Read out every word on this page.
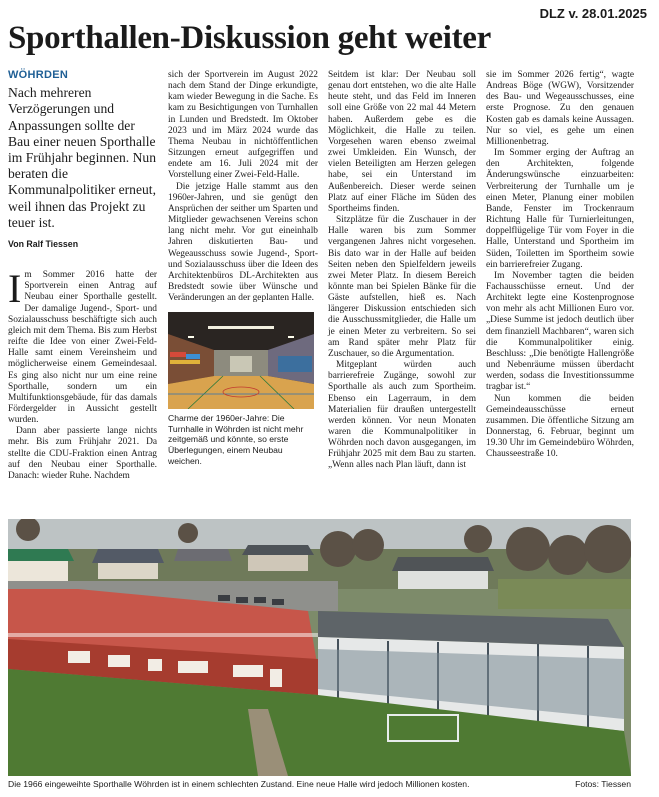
DLZ v. 28.01.2025
Sporthallen-Diskussion geht weiter
WÖHRDEN
Nach mehreren Verzögerungen und Anpassungen sollte der Bau einer neuen Sporthalle im Frühjahr beginnen. Nun beraten die Kommunalpolitiker erneut, weil ihnen das Projekt zu teuer ist.
Von Ralf Tiessen

Im Sommer 2016 hatte der Sportverein einen Antrag auf Neubau einer Sporthalle gestellt. Der damalige Jugend-, Sport- und Sozialausschuss beschäftigte sich auch gleich mit dem Thema. Bis zum Herbst reifte die Idee von einer Zwei-Feld-Halle samt einem Vereinsheim und möglicherweise einem Gemeindesaal. Es ging also nicht nur um eine reine Sporthalle, sondern um ein Multifunktionsgebäude, für das damals Fördergelder in Aussicht gestellt wurden.

Dann aber passierte lange nichts mehr. Bis zum Frühjahr 2021. Da stellte die CDU-Fraktion einen Antrag auf den Neubau einer Sporthalle. Danach: wieder Ruhe. Nachdem

sich der Sportverein im August 2022 nach dem Stand der Dinge erkundigte, kam wieder Bewegung in die Sache. Es kam zu Besichtigungen von Turnhallen in Lunden und Bredstedt. Im Oktober 2023 und im März 2024 wurde das Thema Neubau in nichtöffentlichen Sitzungen erneut aufgegriffen und endete am 16. Juli 2024 mit der Vorstellung einer Zwei-Feld-Halle.

Die jetzige Halle stammt aus den 1960er-Jahren, und sie genügt den Ansprüchen der seither um Sparten und Mitglieder gewachsenen Vereins schon lang nicht mehr. Vor gut eineinhalb Jahren diskutierten Bau- und Wegeausschuss sowie Jugend-, Sport- und Sozialausschuss über die Ideen des Architektenbüros DL-Architekten aus Bredstedt sowie über Wünsche und Veränderungen an der geplanten Halle.

Charme der 1960er-Jahre: Die Turnhalle in Wöhrden ist nicht mehr zeitgemäß und könnte, so erste Überlegungen, einem Neubau weichen.

Seitdem ist klar: Der Neubau soll genau dort entstehen, wo die alte Halle heute steht, und das Feld im Inneren soll eine Größe von 22 mal 44 Metern haben. Außerdem gebe es die Möglichkeit, die Halle zu teilen. Vorgesehen waren ebenso zweimal zwei Umkleiden. Ein Wunsch, der vielen Beteiligten am Herzen gelegen habe, sei ein Unterstand im Außenbereich. Dieser werde seinen Platz auf einer Fläche im Süden des Sportheims finden.

Sitzplätze für die Zuschauer in der Halle waren bis zum Sommer vergangenen Jahres nicht vorgesehen. Bis dato war in der Halle auf beiden Seiten neben den Spielfeldern jeweils zwei Meter Platz. In diesem Bereich könnte man bei Spielen Bänke für die Gäste aufstellen, hieß es. Nach längerer Diskussion entschieden sich die Ausschussmitglieder, die Halle um je einen Meter zu verbreitern. So sei am Rand später mehr Platz für Zuschauer, so die Argumentation.

Mitgeplant würden auch barrierefreie Zugänge, sowohl zur Sporthalle als auch zum Sportheim. Ebenso ein Lagerraum, in dem Materialien für draußen untergestellt werden können. Vor neun Monaten waren die Kommunalpolitiker in Wöhrden noch davon ausgegangen, im Frühjahr 2025 mit dem Bau zu starten. „Wenn alles nach Plan läuft, dann ist

sie im Sommer 2026 fertig“, wagte Andreas Böge (WGW), Vorsitzender des Bau- und Wegeausschusses, eine erste Prognose. Zu den genauen Kosten gab es damals keine Aussagen. Nur so viel, es gehe um einen Millionenbetrag.

Im Sommer erging der Auftrag an den Architekten, folgende Änderungswünsche einzuarbeiten: Verbreiterung der Turnhalle um je einen Meter, Planung einer mobilen Bande, Fenster im Trockenraum Richtung Halle für Turnierleitungen, doppelflügelige Tür vom Foyer in die Halle, Unterstand und Sportheim im Süden, Toiletten im Sportheim sowie ein barrierefreier Zugang.

Im November tagten die beiden Fachausschüsse erneut. Und der Architekt legte eine Kostenprognose von mehr als acht Millionen Euro vor. „Diese Summe ist jedoch deutlich über dem finanziell Machbaren“, waren sich die Kommunalpolitiker einig. Beschluss: „Die benötigte Hallengröße und Nebenräume müssen überdacht werden, sodass die Investitionssumme tragbar ist.“

Nun kommen die beiden Gemeindeausschüsse erneut zusammen. Die öffentliche Sitzung am Donnerstag, 6. Februar, beginnt um 19.30 Uhr im Gemeindebüro Wöhrden, Chausseestraße 10.

Die 1966 eingeweihte Sporthalle Wöhrden ist in einem schlechten Zustand. Eine neue Halle wird jedoch Millionen kosten.	Fotos: Tiessen
